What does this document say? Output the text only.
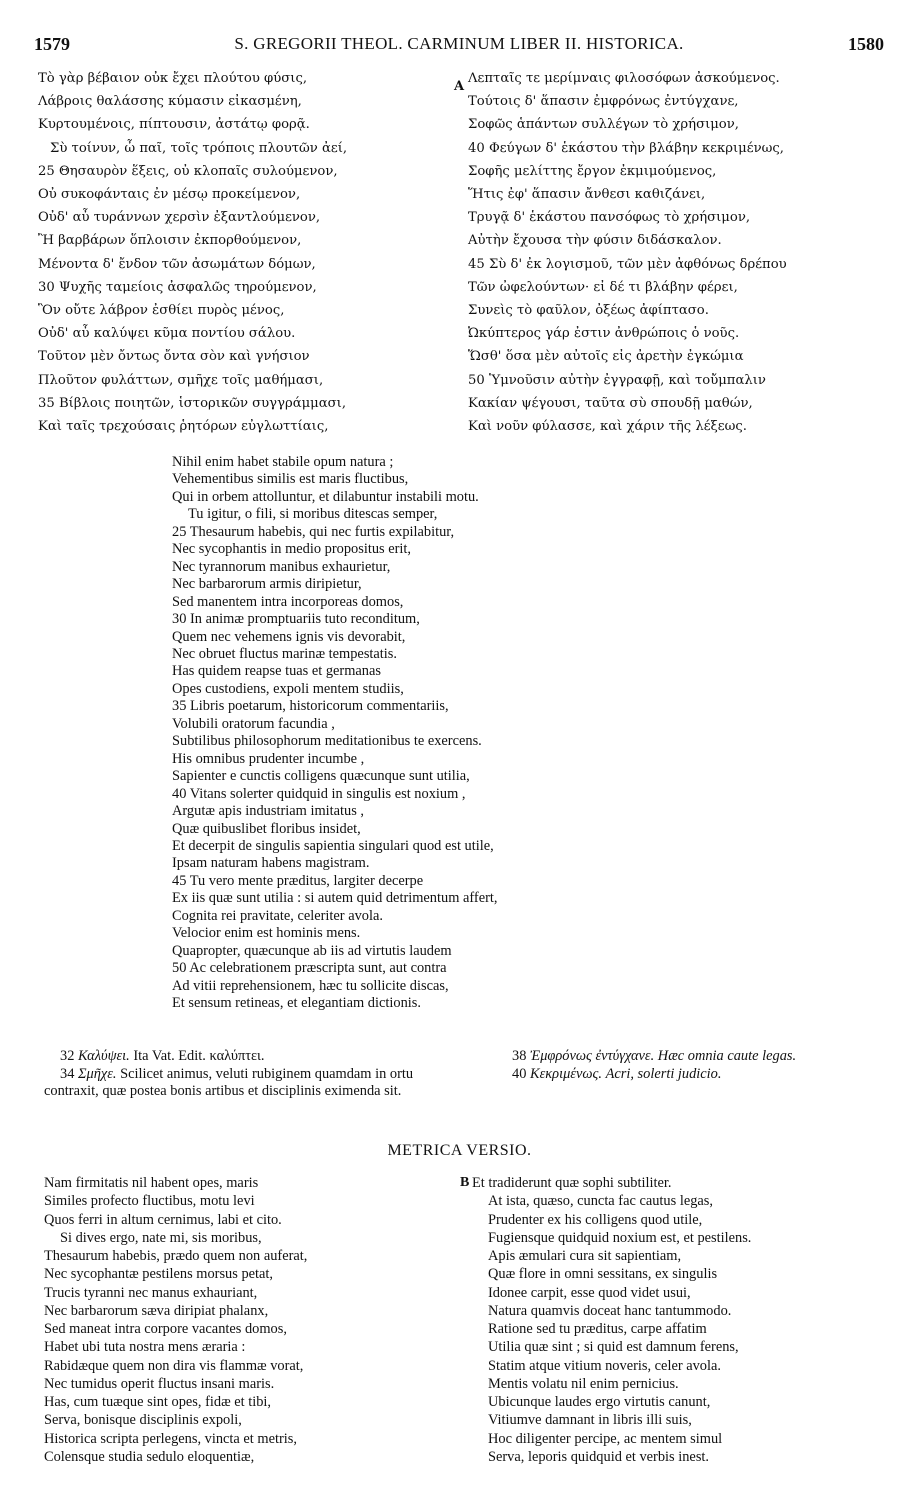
1579	S. GREGORII THEOL. CARMINUM LIBER II. HISTORICA.	1580
Τὸ γὰρ βέβαιον οὐκ ἔχει πλούτου φύσις,
Λάβροις θαλάσσης κύμασιν εἰκασμένη,
Κυρτουμένοις, πίπτουσιν, ἀστάτῳ φορᾷ.
Σὺ τοίνυν, ὦ παῖ, τοῖς τρόποις πλουτῶν ἀεί,
25 Θησαυρὸν ἕξεις, οὐ κλοπαῖς συλούμενον,
Οὐ συκοφάνταις ἐν μέσῳ προκείμενον,
Οὐδ' αὖ τυράννων χερσὶν ἐξαντλούμενον,
Ἢ βαρβάρων ὅπλοισιν ἐκπορθούμενον,
Μένοντα δ' ἔνδον τῶν ἀσωμάτων δόμων,
30 Ψυχῆς ταμείοις ἀσφαλῶς τηρούμενον,
Ὃν οὔτε λάβρον ἐσθίει πυρὸς μένος,
Οὐδ' αὖ καλύψει κῦμα ποντίου σάλου.
Τοῦτον μὲν ὄντως ὄντα σὸν καὶ γνήσιον
Πλοῦτον φυλάττων, σμῆχε τοῖς μαθήμασι,
35 Βίβλοις ποιητῶν, ἱστορικῶν συγγράμμασι,
Καὶ ταῖς τρεχούσαις ῥητόρων εὐγλωττίαις,
A
Λεπταῖς τε μερίμναις φιλοσόφων ἀσκούμενος.
Τούτοις δ' ἅπασιν ἐμφρόνως ἐντύγχανε,
Σοφῶς ἁπάντων συλλέγων τὸ χρήσιμον,
40 Φεύγων δ' ἑκάστου τὴν βλάβην κεκριμένως,
Σοφῆς μελίττης ἔργον ἐκμιμούμενος,
Ἥτις ἐφ' ἅπασιν ἄνθεσι καθιζάνει,
Τρυγᾷ δ' ἑκάστου πανσόφως τὸ χρήσιμον,
Αὐτὴν ἔχουσα τὴν φύσιν διδάσκαλον.
45 Σὺ δ' ἐκ λογισμοῦ, τῶν μὲν ἀφθόνως δρέπου
Τῶν ὠφελούντων· εἰ δέ τι βλάβην φέρει,
Συνεὶς τὸ φαῦλον, ὀξέως ἀφίπτασο.
Ὠκύπτερος γάρ ἐστιν ἀνθρώποις ὁ νοῦς.
Ὥσθ' ὅσα μὲν αὐτοῖς εἰς ἀρετὴν ἐγκώμια
50 Ὑμνοῦσιν αὐτὴν ἐγγραφῇ, καὶ τοὔμπαλιν
Κακίαν ψέγουσι, ταῦτα σὺ σπουδῇ μαθών,
Καὶ νοῦν φύλασσε, καὶ χάριν τῆς λέξεως.
Nihil enim habet stabile opum natura ;
Vehementibus similis est maris fluctibus,
Qui in orbem attolluntur, et dilabuntur instabili motu.
Tu igitur, o fili, si moribus ditescas semper,
25 Thesaurum habebis, qui nec furtis expilabitur,
Nec sycophantis in medio propositus erit,
Nec tyrannorum manibus exhaurietur,
Nec barbarorum armis diripietur,
Sed manentem intra incorporeas domos,
30 In animæ promptuariis tuto reconditum,
Quem nec vehemens ignis vis devorabit,
Nec obruet fluctus marinæ tempestatis.
Has quidem reapse tuas et germanas
Opes custodiens, expoli mentem studiis,
35 Libris poetarum, historicorum commentariis,
Volubili oratorum facundia ,
Subtilibus philosophorum meditationibus te exercens.
His omnibus prudenter incumbe ,
Sapienter e cunctis colligens quæcunque sunt utilia,
40 Vitans solerter quidquid in singulis est noxium ,
Argutæ apis industriam imitatus ,
Quæ quibuslibet floribus insidet,
Et decerpit de singulis sapientia singulari quod est utile,
Ipsam naturam habens magistram.
45 Tu vero mente præditus, largiter decerpe
Ex iis quæ sunt utilia : si autem quid detrimentum affert,
Cognita rei pravitate, celeriter avola.
Velocior enim est hominis mens.
Quapropter, quæcunque ab iis ad virtutis laudem
50 Ac celebrationem præscripta sunt, aut contra
Ad vitii reprehensionem, hæc tu sollicite discas,
Et sensum retineas, et elegantiam dictionis.
32 Καλύψει. Ita Vat. Edit. καλύπτει.
34 Σμῆχε. Scilicet animus, veluti rubiginem quamdam in ortu contraxit, quæ postea bonis artibus et disciplinis eximenda sit.
38 Ἐμφρόνως ἐντύγχανε. Hæc omnia caute legas.
40 Κεκριμένως. Acri, solerti judicio.
METRICA VERSIO.
Nam firmitatis nil habent opes, maris
Similes profecto fluctibus, motu levi
Quos ferri in altum cernimus, labi et cito.
Si dives ergo, nate mi, sis moribus,
Thesaurum habebis, prædo quem non auferat,
Nec sycophantæ pestilens morsus petat,
Trucis tyranni nec manus exhauriant,
Nec barbarorum sæva diripiat phalanx,
Sed maneat intra corpore vacantes domos,
Habet ubi tuta nostra mens æraria :
Rabidæque quem non dira vis flammæ vorat,
Nec tumidus operit fluctus insani maris.
Has, cum tuæque sint opes, fidæ et tibi,
Serva, bonisque disciplinis expoli,
Historica scripta perlegens, vincta et metris,
Colensque studia sedulo eloquentiæ,
B Et tradiderunt quæ sophi subtiliter.
At ista, quæso, cuncta fac cautus legas,
Prudenter ex his colligens quod utile,
Fugiensque quidquid noxium est, et pestilens.
Apis æmulari cura sit sapientiam,
Quæ flore in omni sessitans, ex singulis
Idonee carpit, esse quod videt usui,
Natura quamvis doceat hanc tantummodo.
Ratione sed tu præditus, carpe affatim
Utilia quæ sint ; si quid est damnum ferens,
Statim atque vitium noveris, celer avola.
Mentis volatu nil enim pernicius.
Ubicunque laudes ergo virtutis canunt,
Vitiumve damnant in libris illi suis,
Hoc diligenter percipe, ac mentem simul
Serva, leporis quidquid et verbis inest.
